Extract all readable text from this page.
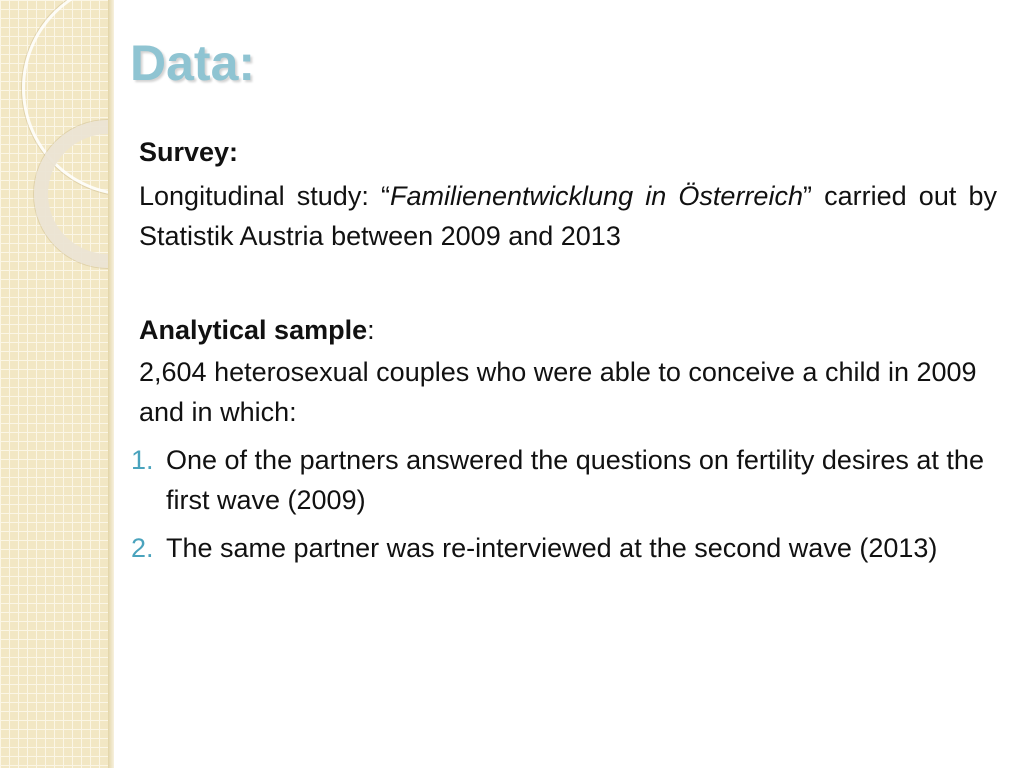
Data:

Survey:

Longitudinal study: “Familienentwicklung in Österreich” carried out by Statistik Austria between 2009 and 2013

Analytical sample:

2,604 heterosexual couples who were able to conceive a child in 2009 and in which:

1. One of the partners answered the questions on fertility desires at the first wave (2009)
2. The same partner was re-interviewed at the second wave (2013)
